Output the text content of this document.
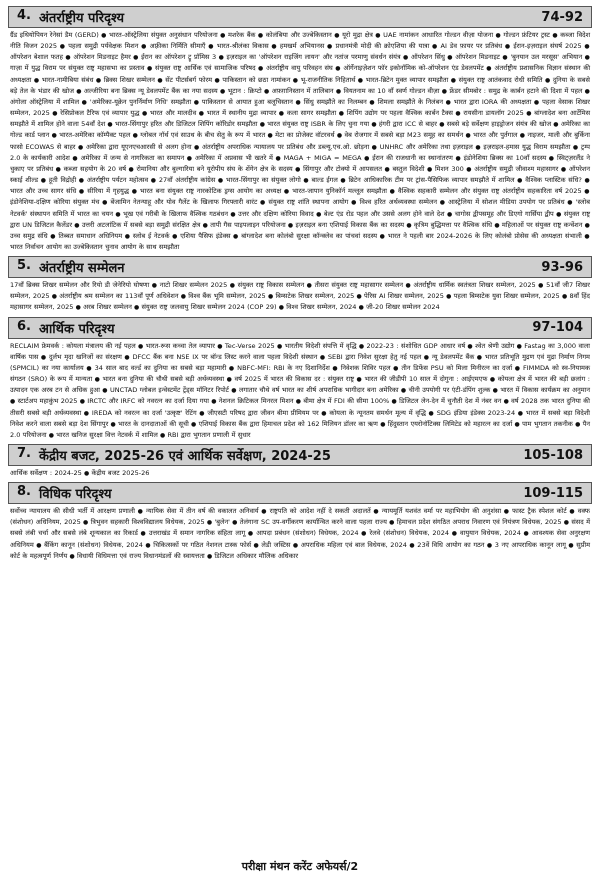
4. अंतर्राष्ट्रीय परिदृश्य	74-92
ग्रैंड इथियोपियन रेनेसां डैम (GERD) ● भारत-ऑस्ट्रेलिया संयुक्त अनुसंधान परियोजना ● मशरेक बैंक ● कोलंबिया और उज्बेकिस्तान ● यूरो मुद्रा क्षेत्र ● UAE नामांकन आधारित गोल्डन वीज़ा योजना ● गोल्डन फ्रंटियर ट्रस्ट ● कब्जा विदेश नीति विजन 2025 ● पहला समुद्री पर्यवेक्षक मिशन ● अफ़्रीका निर्मिति सीमाएँ ● भारत-श्रीलंका विकास ● हमखर्म अभियानस ● प्रधानमंत्री मोदी की क्रोएशिया की यात्रा ● AI डेव फ़ायर पर प्रतिबंध ● ईरान-इज़राइल संघर्ष 2025 ● ऑपरेशन बेशाल फतह ● ऑपरेशन मिडनाइट हैमर ● ईरान का ऑपरेशन ट्रू प्रॉमिस 3 ● इज़राइल का 'ऑपरेशन राइजिंग लायन' और नतांज परमाणु संवर्धन संयंत्र ● ऑपरेशन सिंधु ● ऑपरेशन मिडनाइट ● 'बुनयान उल मरसूस' अभियान ● गाज़ा में युद्ध विराम पर संयुक्त राष्ट्र महासभा का प्रस्ताव ● संयुक्त राष्ट्र आर्थिक एवं सामाजिक परिषद ● अंतर्राष्ट्रीय वायु परिवहन संघ ● ऑर्गेनाइज़ेशन फॉर इकोनॉमिक को-ऑपरेशन एंड डेवलपमेंट ● अंतर्राष्ट्रीय प्रशासनिक विज्ञान संस्थान की अध्यक्षता ● भारत-नामीबिया संबंध ● ब्रिक्स शिखर सम्मेलन ● सेंट पीटर्सबर्ग फोरम ● पाकिस्तान को छठा नामांकन ● भू-राजनीतिक निहितार्थ ● भारत-ब्रिटेन मुक्त व्यापार समझौता ● संयुक्त राष्ट्र आतंकवाद रोधी समिति ● दुनिया के सबसे बड़े तेल के भंडार की खोज ● अल्जीरिया बना ब्रिक्स न्यू डेवलपमेंट बैंक का नया सदस्य ● भूटान : क्रिप्टो ● अफ़ग़ानिस्तान में तालिबान ● वियतनाम का 10 वाँ स्वर्ण गोल्डन वीज़ा ● फ्रेंडर सीमबोर : समुद्र के कार्बन हटाने की दिशा में पहल ● अंगोला ऑस्ट्रेलिया में शामिल ● 'अमेरिका-यूक्रेन पुनर्निर्माण निधि' समझौता ● पाकिस्तान से आयात हुआ बलूचिस्तान ● सिंधु समझौते का निलम्बन ● शिमला समझौते के निलंबन ● भारत द्वारा IORA की अध्यक्षता ● पहला वेसाक शिखर सम्मेलन, 2025 ● रेसिप्रोकल टैरिफ एवं व्यापार युद्ध ● भारत और मालदीव ● भारत में स्थानीय मुद्रा व्यापार ● कला सागर समझौता ● शिपिंग उद्योग पर पहला वैश्विक कार्बन टैक्स ● रायसीना डायलॉग 2025 ● बांग्लादेश बना आर्टेमिस समझौते में शामिल होने वाला 54वाँ देश ● भारत-सिंगापुर हरित और डिजिटल शिपिंग कॉरिडोर समझौता ● भारत संयुक्त राष्ट्र ISBR के लिए चुना गया ● हंगरी द्वारा ICC से बाहर ● सबसे बड़े सर्वेक्षण हाइड्रोजन संयंत्र की खोज ● अमेरिका का गोल्ड कार्ड प्लान ● भारत-अमेरिका कॉम्पैक्ट पहल ● ग्लोबल नॉर्थ एवं साउथ के बीच सेतु के रूप में भारत ● मेटा का प्रोजेक्ट वॉटरवर्थ ● वेब रोजगार में सबसे बड़ा M23 समूह का समर्थन ● भारत और पुर्तगाल ● नाइजर, माली और बुर्किना फासो ECOWAS से बाहर ● अमेरिका द्वारा यूएनएचआरसी से अलग होना ● अंतर्राष्ट्रीय अपराधिक न्यायालय पर प्रतिबंध और डब्ल्यू.एच.ओ. छोड़ना ● UNHRC और अमेरिका तथा इज़राइल ● इज़राइल-हमास युद्ध विराम समझौता ● ट्रम्प 2.0 के कार्यकारी आदेश ● अमेरिका में जन्म से नागरिकता का समापन ● अमेरिका में अप्रवास भी खतरे में ● MAGA + MIGA = MEGA ● ईरान की राजधानी का स्थानांतरण ● इंडोनेशिया ब्रिक्स का 10वाँ सदस्य ● स्विट्ज़रलैंड ने चुकाए पर प्रतिबंध ● कब्जा सहयोग के 20 वर्ष ● रोमानिया और बुल्गारिया बने यूरोपीय संघ के शेंगेन क्षेत्र के सदस्य ● सिंगापुर और टोक्यो में आपसलत ● बस्तुल विदेशी ● मिशन 300 ● अंतर्राष्ट्रीय समुद्री जीवाश्म महासागर ● ऑपरेशन स्काई शील्ड ● हूती विद्रोही ● अंतर्राष्ट्रीय पर्यटन महोत्सव ● 27वाँ अंतर्राष्ट्रीय कांग्रेस ● भारत-सिंगापुर का संयुक्त लोगो ● बाल्ड ईगल ● ब्रिटेन आधिकारिक टीम पर ट्रांस-पैसिफिक व्यापार समझौते में शामिल ● वैश्विक प्लास्टिक संधि? ● भारत और उच्च सागर संधि ● सीरिया में गृहयुद्ध ● भारत बना संयुक्त राष्ट्र नारकोटिक ड्रग्स आयोग का अध्यक्ष ● भारत-जापान युनिकॉर्न मल्लूल समझौता ● वैश्विक सहकारी सम्मेलन और संयुक्त राष्ट्र अंतर्राष्ट्रीय सहकारिता वर्ष 2025 ● इंडोनेशिया-दक्षिण कोरिया संयुक्त मंच ● बेंजामिन नेतन्याहू और योव गैलेंट के खिलाफ गिरफ्तारी वारंट ● संयुक्त राष्ट्र शांति स्थापना आयोग ● विश्व हरित अर्थव्यवस्था सम्मेलन ● आस्ट्रेलिया में सोशल मीडिया उपयोग पर प्रतिबंध ● 'स्लोब नेटवर्क' संस्थापन समिति में भारत का चयन ● भूख एवं गरीबी के खिलाफ वैश्विक गठबंधन ● उत्तर और दक्षिण कोरिया विवाद ● बेल्ट एंड रोड पहल और उससे अलग होने वाले देश ● चागोस द्वीपसमूह और डिएगो गार्सिया द्वीप ● संयुक्त राष्ट्र द्वारा UN डिजिटल कैलेंडर ● उत्तरी अटलांटिक में सबसे बड़ा समुद्री संरक्षित क्षेत्र ● तापी गैस पाइपलाइन परियोजना ● इज़राइल बना एशियाई विकास बैंक का सदस्य ● कृत्रिम बुद्धिमत्ता पर वैश्विक संधि ● महिलाओं पर संयुक्त राष्ट्र कन्वेंशन ● उच्च समुद्र संधि ● तिब्बत समाधान अधिनियम ● स्लोब ई नेटवर्क ● एशिया पैसिफ इंडेक्स ● बांग्लादेश बना कोलंबो सुरक्षा कॉन्क्लेव का पांचवां सदस्य ● भारत ने पहली बार 2024-2026 के लिए कोलंबो प्रोसेस की अध्यक्षता संभाली ● भारत निर्वाचन आयोग का उज्बेकिस्तान चुनाव आयोग के साथ समझौता
5. अंतर्राष्ट्रीय सम्मेलन	93-96
17वाँ ब्रिक्स शिखर सम्मेलन और रियो डी जेनेरियो घोषणा ● नाटो शिखर सम्मेलन 2025 ● संयुक्त राष्ट्र विकास सम्मेलन ● तीसरा संयुक्त राष्ट्र महासागर सम्मेलन ● अंतर्राष्ट्रीय धार्मिक स्वतंत्रता शिखर सम्मेलन, 2025 ● 51वाँ जी7 शिखर सम्मेलन, 2025 ● अंतर्राष्ट्रीय श्रम सम्मेलन का 113वाँ पूर्ण अधिवेशन ● विश्व बैंक भूमि सम्मेलन, 2025 ● बिम्सटेक शिखर सम्मेलन, 2025 ● पेरिस AI शिखर सम्मेलन, 2025 ● पहला बिम्सटेक युवा शिखर सम्मेलन, 2025 ● 8वाँ हिंद महासागर सम्मेलन, 2025 ● अरब शिखर सम्मेलन ● संयुक्त राष्ट्र जलवायु शिखर सम्मेलन 2024 (COP 29) ● विश्व शिखर सम्मेलन, 2024 ● जी-20 शिखर सम्मेलन 2024
6. आर्थिक परिदृश्य	97-104
RECLAIM फ्रेमवर्क : कोयला मंत्रालय की नई पहल ● भारत-रूस कच्चा तेल व्यापार ● Tec-Verse 2025 ● भारतीय विदेशी संपत्ति में वृद्धि ● 2022-23 : संशोधित GDP आधार वर्ष ● श्वेत श्रेणी उद्योग ● Fastag का 3,000 वाला वार्षिक पास ● दुर्लभ मृदा खनिजों का संरक्षण ● DFCC बैंक बना NSE IX पर बॉन्ड लिस्ट करने वाला पहला विदेशी संस्थान ● SEBI द्वारा निवेश सुरक्षा हेतु नई पहल ● न्यू डेवलपमेंट बैंक ● भारत प्रतिभूति मुद्रण एवं मुद्रा निर्माण निगम (SPMCIL) का नया कार्यालय ● 34 साल बाद वर्ल्ड का दुनिया का सबसे बड़ा महामारी ● NBFC-MFI: RBI के नए दिशानिर्देश ● निवेशक शिविर पहल ● तीन डिफेंस PSU को मिला मिनीरत्न का दर्जा ● FIMMDA को स्व-नियामक संगठन (SRO) के रूप में मान्यता ● भारत बना दुनिया की चौथी सबसे बड़ी अर्थव्यवस्था ● वर्ष 2025 में भारत की विकास दर : संयुक्त राष्ट्र ● भारत की जीडीपी 10 साल में दोगुना : आईएमएफ ● कोयला क्षेत्र में भारत की बड़ी छलांग : उत्पादन एक अरब टन से अधिक हुआ ● UNCTAD ग्लोबल इन्वेस्टमेंट ट्रेंड्स मॉनिटर रिपोर्ट ● लगातार चौथे वर्ष भारत का शीर्ष अपराधिक भागीदार बना अमेरिका ● चीनी उपयोगी पर एंटी-डंपिंग शुल्क ● भारत में विकास कार्यक्रम का अनुमान ● स्टार्टअप महाकुंभ 2025 ● IRCTC और IRFC को नवरत्न का दर्जा दिया गया ● नेशनल क्रिटिकल मिनरल मिशन ● बीमा क्षेत्र में FDI की सीमा 100% ● डिजिटल लेन-देन में चुनौती देश में नंबर वन ● वर्ष 2028 तक भारत दुनिया की तीसरी सबसे बड़ी अर्थव्यवस्था ● IREDA को नवरत्न का दर्जा 'उत्कृष्ट' रेटिंग ● जीएसटी परिषद द्वारा जीवन बीमा प्रीमियम पर ● कोयला के न्यूनतम समर्थन मूल्य में वृद्धि ● SDG इंडिया इंडेक्स 2023-24 ● भारत में सबसे बड़ा विदेशी निवेश करने वाला सबसे बड़ा देश सिंगापुर ● भारत के दानदाताओं की सूची ● एशियाई विकास बैंक द्वारा हिमाचल प्रदेश को 162 मिलियन डॉलर का ऋण ● हिंदुस्तान एयरोनॉटिक्स लिमिटेड को महारत्न का दर्जा ● पाम भुगतान तकनीक ● पैन 2.0 परियोजना ● भारत खनिज सुरक्षा वित्त नेटवर्क में शामिल ● RBI द्वारा भुगतान प्रणाली में सुधार
7. केंद्रीय बजट, 2025-26 एवं आर्थिक सर्वेक्षण, 2024-25	105-108
आर्थिक सर्वेक्षण : 2024-25 ● केंद्रीय बजट 2025-26
8. विधिक परिदृश्य	109-115
सर्वोच्च न्यायालय की सीधी भर्ती में आरक्षण प्रणाली ● न्यायिक सेवा में तीन वर्ष की वकालत अनिवार्य ● राष्ट्रपति को आदेश नहीं दे सकती अदालतें ● न्यायमूर्ति यशवंत वर्मा पर महाभियोग की अनुशंसा ● फास्ट ट्रैक स्पेशल कोर्ट ● वक्फ (संशोधन) अधिनियम, 2025 ● त्रिभुवन सहकारी विश्वविद्यालय विधेयक, 2025 ● 'बुलेन' ● तेलंगाना SC उप-वर्गीकरण कार्यान्वित करने वाला पहला राज्य ● हिमाचल प्रदेश संगठित अपराध निवारण एवं नियंत्रण विधेयक, 2025 ● संसद में सबसे लंबी चर्चा और सबसे लंबे शून्यकाल का रिकार्ड ● उत्तराखंड में समान नागरिक संहिता लागू ● आपदा प्रबंधन (संशोधन) विधेयक, 2024 ● रेलवे (संशोधन) विधेयक, 2024 ● वायुयान विधेयक, 2024 ● आवश्यक सेवा अनुरक्षण अधिनियम ● बैंकिंग कानून (संशोधन) विधेयक, 2024 ● चिकित्सकों पर गठित नेशनल टास्क फोर्स ● लेडी जस्टिस ● अपराधिक महिला एवं बाल विधेयक, 2024 ● 23वें विधि आयोग का गठन ● 3 नए आपराधिक कानून लागू ● सुप्रीम कोर्ट के महत्वपूर्ण निर्णय ● विधायी विधिमत्ता एवं राज्य विधानमंडलों की स्वायत्तता ● डिजिटल अधिकार मौलिक अधिकार
परीक्षा मंथन करेंट अफेयर्स/2
